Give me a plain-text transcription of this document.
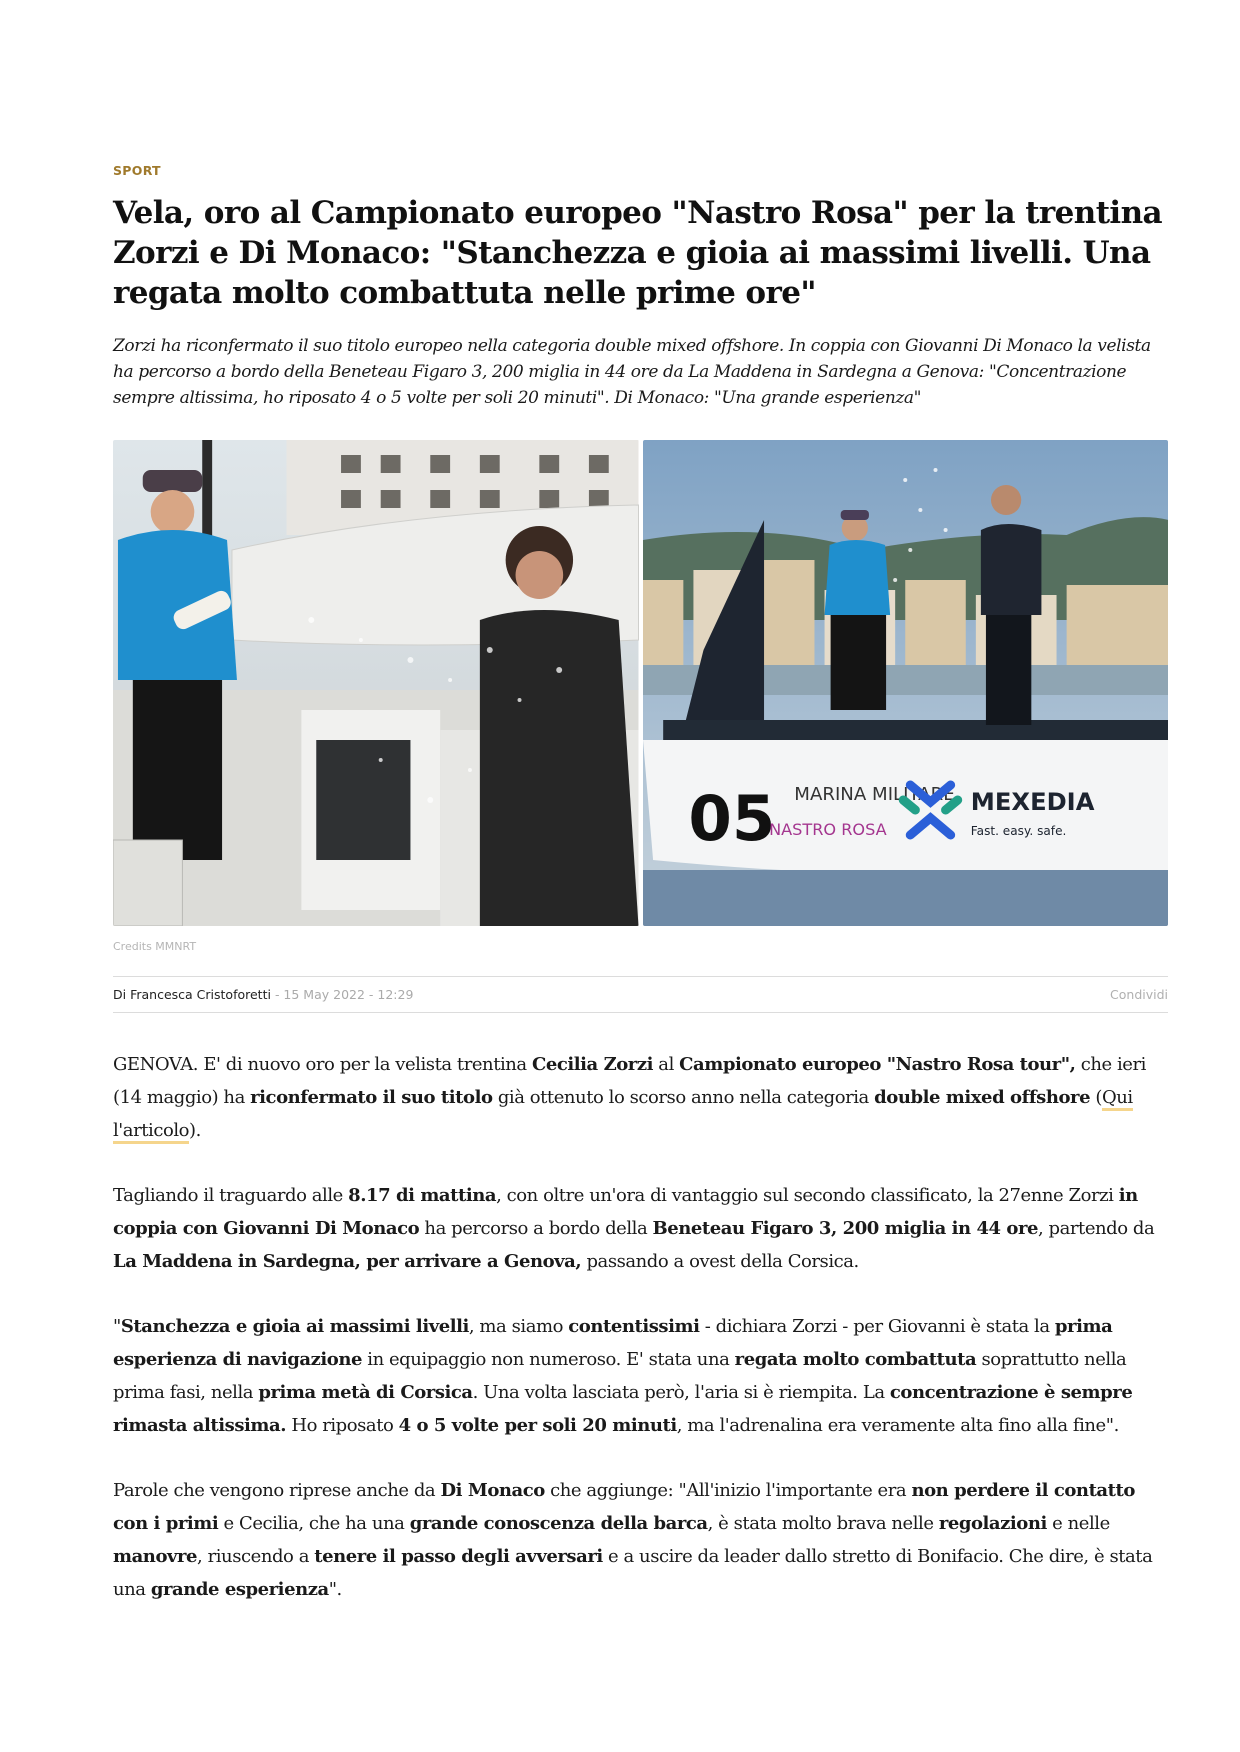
SPORT
Vela, oro al Campionato europeo "Nastro Rosa" per la trentina Zorzi e Di Monaco: "Stanchezza e gioia ai massimi livelli. Una regata molto combattuta nelle prime ore"

Zorzi ha riconfermato il suo titolo europeo nella categoria double mixed offshore. In coppia con Giovanni Di Monaco la velista ha percorso a bordo della Beneteau Figaro 3, 200 miglia in 44 ore da La Maddena in Sardegna a Genova: "Concentrazione sempre altissima, ho riposato 4 o 5 volte per soli 20 minuti". Di Monaco: "Una grande esperienza"

05 MARINA MILITARE
NASTRO ROSA
MEXEDIA
Fast. easy. safe.
Credits MMNRT
Di Francesca Cristoforetti - 15 May 2022 - 12:29	Condividi

GENOVA. E' di nuovo oro per la velista trentina Cecilia Zorzi al Campionato europeo "Nastro Rosa tour", che ieri (14 maggio) ha riconfermato il suo titolo già ottenuto lo scorso anno nella categoria double mixed offshore (Qui l'articolo).

Tagliando il traguardo alle 8.17 di mattina, con oltre un'ora di vantaggio sul secondo classificato, la 27enne Zorzi in coppia con Giovanni Di Monaco ha percorso a bordo della Beneteau Figaro 3, 200 miglia in 44 ore, partendo da La Maddena in Sardegna, per arrivare a Genova, passando a ovest della Corsica.

"Stanchezza e gioia ai massimi livelli, ma siamo contentissimi - dichiara Zorzi - per Giovanni è stata la prima esperienza di navigazione in equipaggio non numeroso. E' stata una regata molto combattuta soprattutto nella prima fasi, nella prima metà di Corsica. Una volta lasciata però, l'aria si è riempita. La concentrazione è sempre rimasta altissima. Ho riposato 4 o 5 volte per soli 20 minuti, ma l'adrenalina era veramente alta fino alla fine".

Parole che vengono riprese anche da Di Monaco che aggiunge: "All'inizio l'importante era non perdere il contatto con i primi e Cecilia, che ha una grande conoscenza della barca, è stata molto brava nelle regolazioni e nelle manovre, riuscendo a tenere il passo degli avversari e a uscire da leader dallo stretto di Bonifacio. Che dire, è stata una grande esperienza".
